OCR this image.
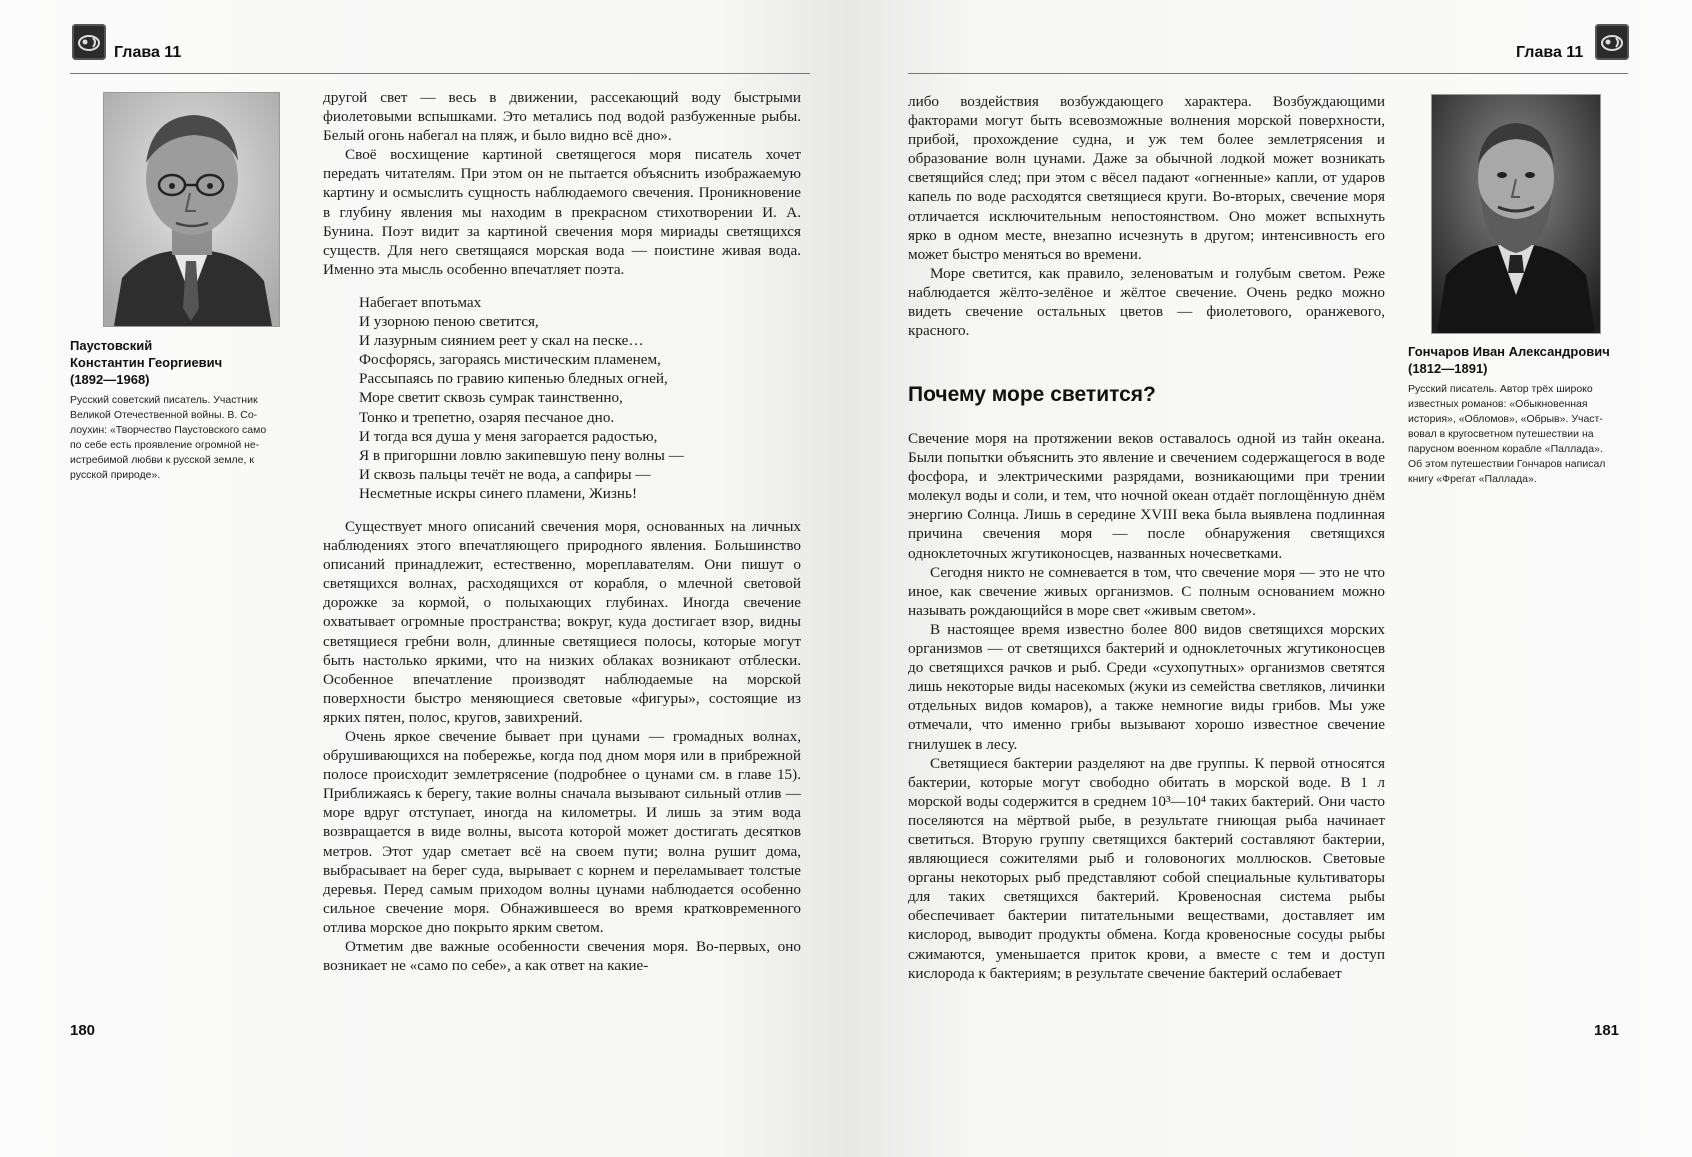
Глава 11
Паустовский
Константин Георгиевич
(1892—1968)
Русский советский писатель. Участник
Великой Отечественной войны. В. Со-
лоухин: «Творчество Паустовского само
по себе есть проявление огромной не-
истребимой любви к русской земле, к
русской природе».

другой свет — весь в движении, рассекающий воду быстрыми фиолетовыми вспышками. Это метались под водой разбуженные рыбы. Белый огонь набегал на пляж, и было видно всё дно».

Своё восхищение картиной светящегося моря писатель хочет передать читателям. При этом он не пытается объяснить изображаемую картину и осмыслить сущность наблюдаемого свечения. Проникновение в глубину явления мы находим в прекрасном стихотворении И. А. Бунина. Поэт видит за картиной свечения моря мириады светящихся существ. Для него светящаяся морская вода — поистине живая вода. Именно эта мысль особенно впечатляет поэта.

Набегает впотьмах
И узорною пеною светится,
И лазурным сиянием реет у скал на песке…
Фосфорясь, загораясь мистическим пламенем,
Рассыпаясь по гравию кипенью бледных огней,
Море светит сквозь сумрак таинственно,
Тонко и трепетно, озаряя песчаное дно.
И тогда вся душа у меня загорается радостью,
Я в пригоршни ловлю закипевшую пену волны —
И сквозь пальцы течёт не вода, а сапфиры —
Несметные искры синего пламени, Жизнь!

Существует много описаний свечения моря, основанных на личных наблюдениях этого впечатляющего природного явления. Большинство описаний принадлежит, естественно, мореплавателям. Они пишут о светящихся волнах, расходящихся от корабля, о млечной световой дорожке за кормой, о полыхающих глубинах. Иногда свечение охватывает огромные пространства; вокруг, куда достигает взор, видны светящиеся гребни волн, длинные светящиеся полосы, которые могут быть настолько яркими, что на низких облаках возникают отблески. Особенное впечатление производят наблюдаемые на морской поверхности быстро меняющиеся световые «фигуры», состоящие из ярких пятен, полос, кругов, завихрений.

Очень яркое свечение бывает при цунами — громадных волнах, обрушивающихся на побережье, когда под дном моря или в прибрежной полосе происходит землетрясение (подробнее о цунами см. в главе 15). Приближаясь к берегу, такие волны сначала вызывают сильный отлив — море вдруг отступает, иногда на километры. И лишь за этим вода возвращается в виде волны, высота которой может достигать десятков метров. Этот удар сметает всё на своем пути; волна рушит дома, выбрасывает на берег суда, вырывает с корнем и переламывает толстые деревья. Перед самым приходом волны цунами наблюдается особенно сильное свечение моря. Обнажившееся во время кратковременного отлива морское дно покрыто ярким светом.

Отметим две важные особенности свечения моря. Во-первых, оно возникает не «само по себе», а как ответ на какие-

180
Глава 11

либо воздействия возбуждающего характера. Возбуждающими факторами могут быть всевозможные волнения морской поверхности, прибой, прохождение судна, и уж тем более землетрясения и образование волн цунами. Даже за обычной лодкой может возникать светящийся след; при этом с вёсел падают «огненные» капли, от ударов капель по воде расходятся светящиеся круги. Во-вторых, свечение моря отличается исключительным непостоянством. Оно может вспыхнуть ярко в одном месте, внезапно исчезнуть в другом; интенсивность его может быстро меняться во времени.

Море светится, как правило, зеленоватым и голубым светом. Реже наблюдается жёлто-зелёное и жёлтое свечение. Очень редко можно видеть свечение остальных цветов — фиолетового, оранжевого, красного.

Почему море светится?

Свечение моря на протяжении веков оставалось одной из тайн океана. Были попытки объяснить это явление и свечением содержащегося в воде фосфора, и электрическими разрядами, возникающими при трении молекул воды и соли, и тем, что ночной океан отдаёт поглощённую днём энергию Солнца. Лишь в середине XVIII века была выявлена подлинная причина свечения моря — после обнаружения светящихся одноклеточных жгутиконосцев, названных ночесветками.

Сегодня никто не сомневается в том, что свечение моря — это не что иное, как свечение живых организмов. С полным основанием можно называть рождающийся в море свет «живым светом».

В настоящее время известно более 800 видов светящихся морских организмов — от светящихся бактерий и одноклеточных жгутиконосцев до светящихся рачков и рыб. Среди «сухопутных» организмов светятся лишь некоторые виды насекомых (жуки из семейства светляков, личинки отдельных видов комаров), а также немногие виды грибов. Мы уже отмечали, что именно грибы вызывают хорошо известное свечение гнилушек в лесу.

Светящиеся бактерии разделяют на две группы. К первой относятся бактерии, которые могут свободно обитать в морской воде. В 1 л морской воды содержится в среднем 10³—10⁴ таких бактерий. Они часто поселяются на мёртвой рыбе, в результате гниющая рыба начинает светиться. Вторую группу светящихся бактерий составляют бактерии, являющиеся сожителями рыб и головоногих моллюсков. Световые органы некоторых рыб представляют собой специальные культиваторы для таких светящихся бактерий. Кровеносная система рыбы обеспечивает бактерии питательными веществами, доставляет им кислород, выводит продукты обмена. Когда кровеносные сосуды рыбы сжимаются, уменьшается приток крови, а вместе с тем и доступ кислорода к бактериям; в результате свечение бактерий ослабевает

Гончаров Иван Александрович
(1812—1891)
Русский писатель. Автор трёх широко
известных романов: «Обыкновенная
история», «Обломов», «Обрыв». Участ-
вовал в кругосветном путешествии на
парусном военном корабле «Паллада».
Об этом путешествии Гончаров написал
книгу «Фрегат «Паллада».
181
